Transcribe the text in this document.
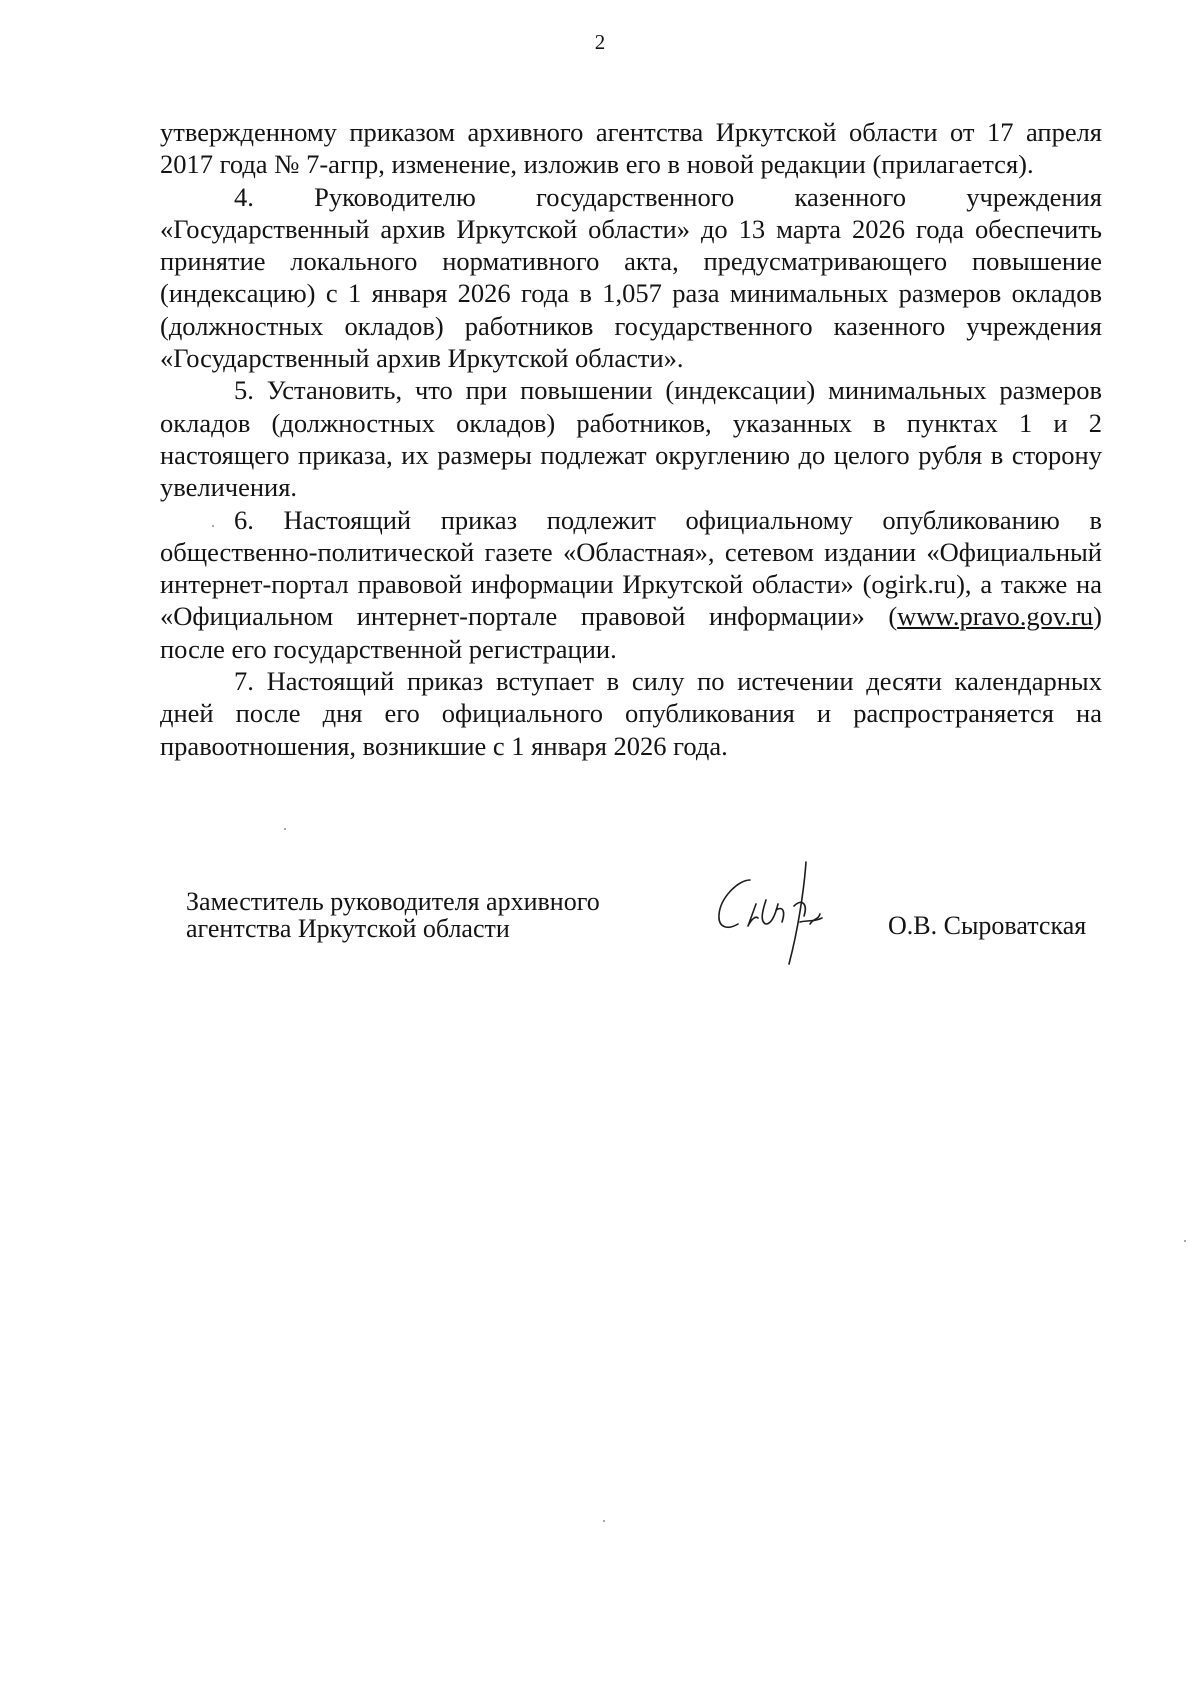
2

утвержденному приказом архивного агентства Иркутской области от 17 апреля 2017 года № 7-агпр, изменение, изложив его в новой редакции (прилагается).

4. Руководителю государственного казенного учреждения «Государственный архив Иркутской области» до 13 марта 2026 года обеспечить принятие локального нормативного акта, предусматривающего повышение (индексацию) с 1 января 2026 года в 1,057 раза минимальных размеров окладов (должностных окладов) работников государственного казенного учреждения «Государственный архив Иркутской области».

5. Установить, что при повышении (индексации) минимальных размеров окладов (должностных окладов) работников, указанных в пунктах 1 и 2 настоящего приказа, их размеры подлежат округлению до целого рубля в сторону увеличения.

6. Настоящий приказ подлежит официальному опубликованию в общественно-политической газете «Областная», сетевом издании «Официальный интернет-портал правовой информации Иркутской области» (ogirk.ru), а также на «Официальном интернет-портале правовой информации» (www.pravo.gov.ru) после его государственной регистрации.

7. Настоящий приказ вступает в силу по истечении десяти календарных дней после дня его официального опубликования и распространяется на правоотношения, возникшие с 1 января 2026 года.

Заместитель руководителя архивного
агентства Иркутской области	О.В. Сыроватская
